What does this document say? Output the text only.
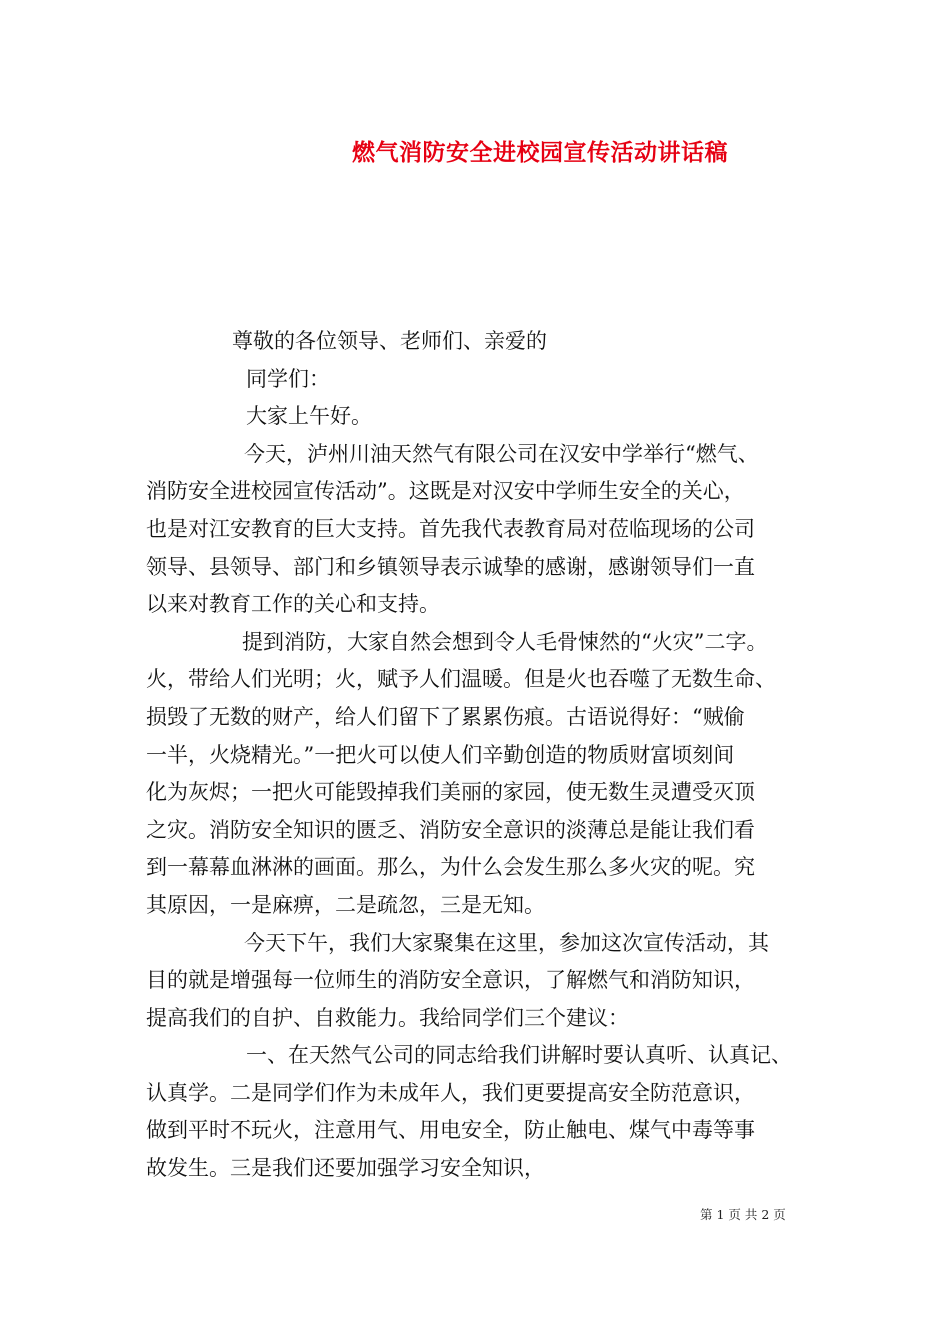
燃气消防安全进校园宣传活动讲话稿
尊敬的各位领导、老师们、亲爱的
同学们：
大家上午好。
今天，泸州川油天然气有限公司在汉安中学举行“燃气、
消防安全进校园宣传活动”。这既是对汉安中学师生安全的关心，
也是对江安教育的巨大支持。首先我代表教育局对莅临现场的公司
领导、县领导、部门和乡镇领导表示诚挚的感谢，感谢领导们一直
以来对教育工作的关心和支持。
提到消防，大家自然会想到令人毛骨悚然的“火灾”二字。
火，带给人们光明；火，赋予人们温暖。但是火也吞噬了无数生命、
损毁了无数的财产，给人们留下了累累伤痕。古语说得好：“贼偷
一半，火烧精光。”一把火可以使人们辛勤创造的物质财富顷刻间
化为灰烬；一把火可能毁掉我们美丽的家园，使无数生灵遭受灭顶
之灾。消防安全知识的匮乏、消防安全意识的淡薄总是能让我们看
到一幕幕血淋淋的画面。那么，为什么会发生那么多火灾的呢。究
其原因，一是麻痹，二是疏忽，三是无知。
今天下午，我们大家聚集在这里，参加这次宣传活动，其
目的就是增强每一位师生的消防安全意识，了解燃气和消防知识，
提高我们的自护、自救能力。我给同学们三个建议：
一、在天然气公司的同志给我们讲解时要认真听、认真记、
认真学。二是同学们作为未成年人，我们更要提高安全防范意识，
做到平时不玩火，注意用气、用电安全，防止触电、煤气中毒等事
故发生。三是我们还要加强学习安全知识，
第 1 页 共 2 页
